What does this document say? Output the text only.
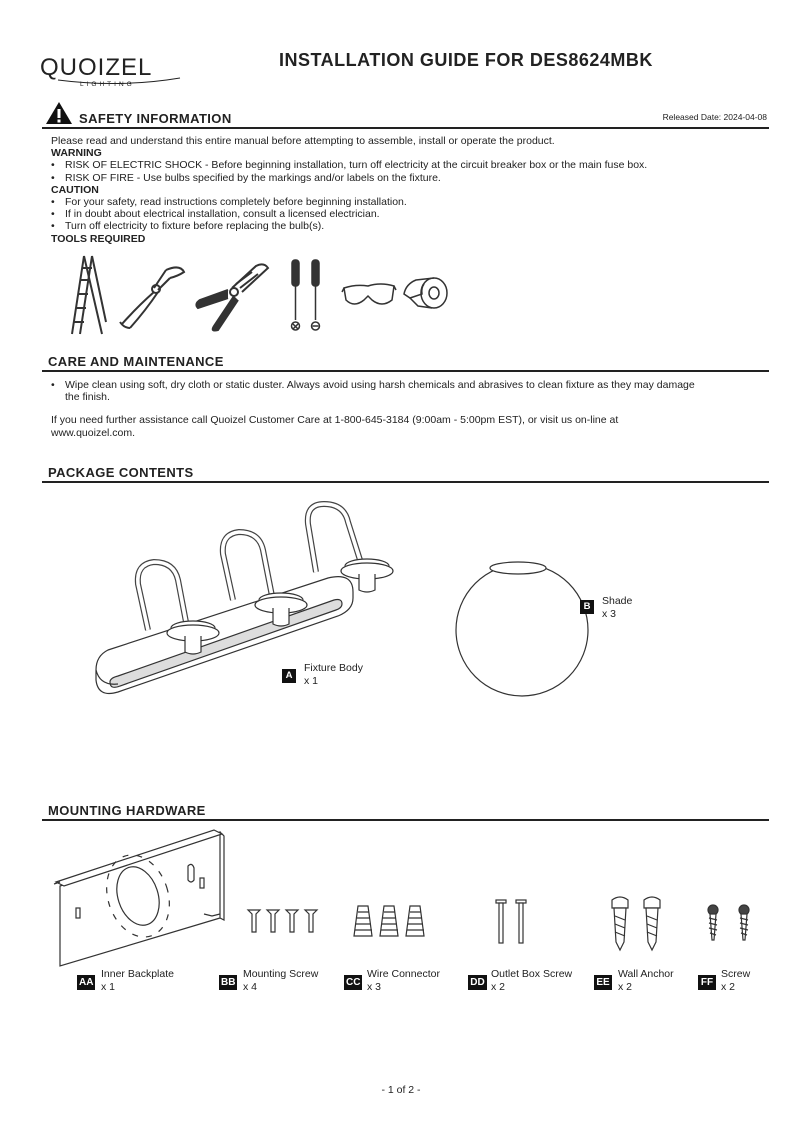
QUOIZEL
LIGHTING
INSTALLATION GUIDE FOR DES8624MBK
SAFETY INFORMATION	Released Date: 2024-04-08
Please read and understand this entire manual before attempting to assemble, install or operate the product.
WARNING
• RISK OF ELECTRIC SHOCK - Before beginning installation, turn off electricity at the circuit breaker box or the main fuse box.
• RISK OF FIRE - Use bulbs specified by the markings and/or labels on the fixture.
CAUTION
• For your safety, read instructions completely before beginning installation.
• If in doubt about electrical installation, consult a licensed electrician.
• Turn off electricity to fixture before replacing the bulb(s).
TOOLS REQUIRED
CARE AND MAINTENANCE
• Wipe clean using soft, dry cloth or static duster. Always avoid using harsh chemicals and abrasives to clean fixture as they may damage
the finish.
If you need further assistance call Quoizel Customer Care at 1-800-645-3184 (9:00am - 5:00pm EST), or visit us on-line at
www.quoizel.com.
PACKAGE CONTENTS
A
Fixture Body
x 1
B	Shade
x 3
MOUNTING HARDWARE
AA
Inner Backplate
x 1	BB
Mounting Screw
x 4	CC
Wire Connector
x 3	DD
Outlet Box Screw
x 2	EE
Wall Anchor
x 2	FF
Screw
x 2
- 1 of 2 -
